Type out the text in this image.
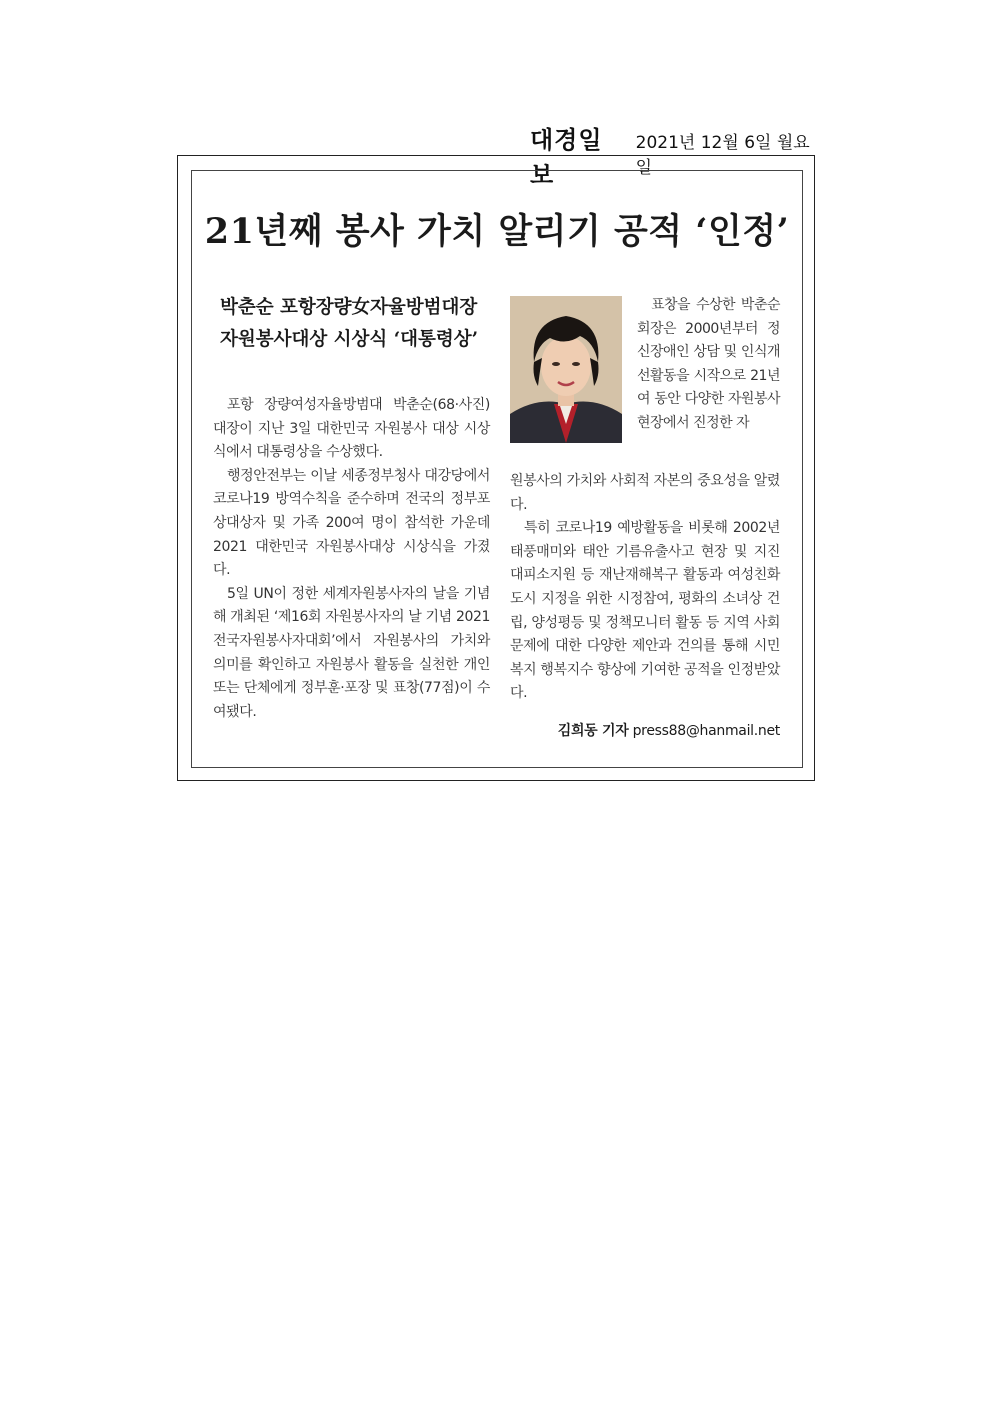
대경일보
2021년 12월 6일 월요일
21년째 봉사 가치 알리기 공적 ‘인정’
박춘순 포항장량女자율방범대장
자원봉사대상 시상식 ‘대통령상’

포항 장량여성자율방범대 박춘순(68·사진) 대장이 지난 3일 대한민국 자원봉사 대상 시상식에서 대통령상을 수상했다.

행정안전부는 이날 세종정부청사 대강당에서 코로나19 방역수칙을 준수하며 전국의 정부포상대상자 및 가족 200여 명이 참석한 가운데 2021 대한민국 자원봉사대상 시상식을 가졌다.

5일 UN이 정한 세계자원봉사자의 날을 기념해 개최된 ‘제16회 자원봉사자의 날 기념 2021 전국자원봉사자대회’에서 자원봉사의 가치와 의미를 확인하고 자원봉사 활동을 실천한 개인 또는 단체에게 정부훈·포장 및 표창(77점)이 수여됐다.

표창을 수상한 박춘순 회장은 2000년부터 정신장애인 상담 및 인식개선활동을 시작으로 21년여 동안 다양한 자원봉사 현장에서 진정한 자

원봉사의 가치와 사회적 자본의 중요성을 알렸다.

특히 코로나19 예방활동을 비롯해 2002년 태풍매미와 태안 기름유출사고 현장 및 지진 대피소지원 등 재난재해복구 활동과 여성친화도시 지정을 위한 시정참여, 평화의 소녀상 건립, 양성평등 및 정책모니터 활동 등 지역 사회문제에 대한 다양한 제안과 건의를 통해 시민복지 행복지수 향상에 기여한 공적을 인정받았다.

김희동 기자 press88@hanmail.net
